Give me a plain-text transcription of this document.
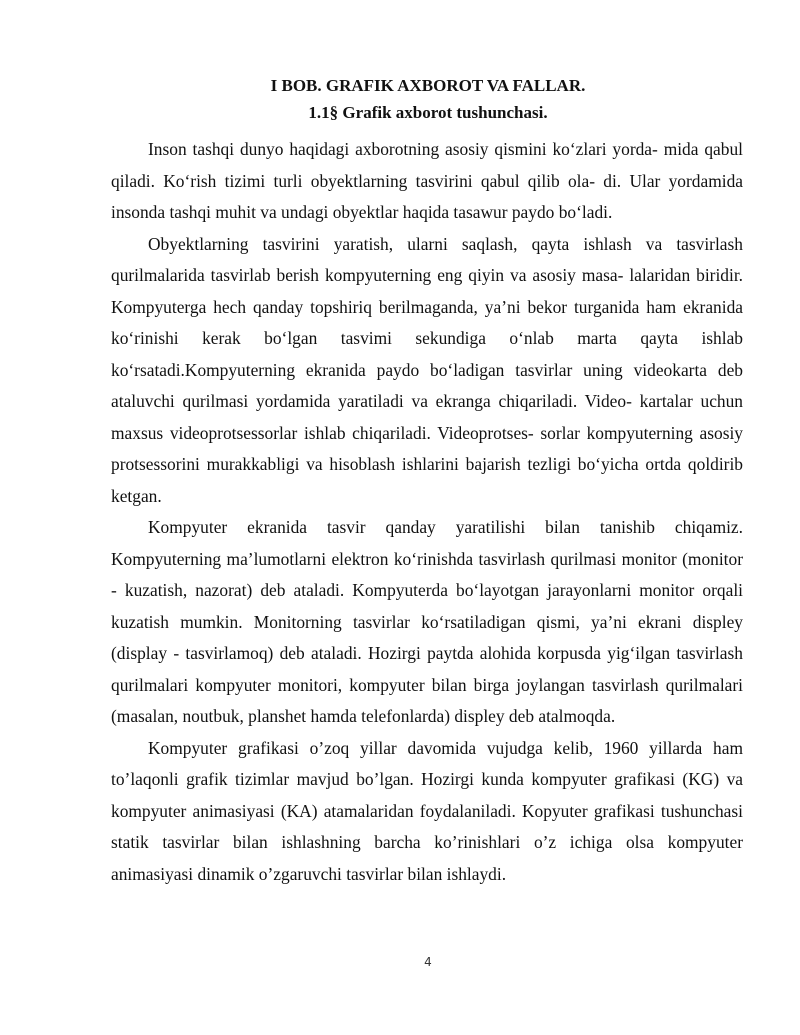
I BOB. GRAFIK AXBOROT VA FALLAR.
1.1§ Grafik axborot tushunchasi.

Inson tashqi dunyo haqidagi axborotning asosiy qismini ko‘zlari yorda- mida qabul qiladi. Ko‘rish tizimi turli obyektlarning tasvirini qabul qilib ola- di. Ular yordamida insonda tashqi muhit va undagi obyektlar haqida tasawur paydo bo‘ladi.

Obyektlarning tasvirini yaratish, ularni saqlash, qayta ishlash va tasvirlash qurilmalarida tasvirlab berish kompyuterning eng qiyin va asosiy masa- lalaridan biridir. Kompyuterga hech qanday topshiriq berilmaganda, ya’ni bekor turganida ham ekranida ko‘rinishi kerak bo‘lgan tasvimi sekundiga o‘nlab marta qayta ishlab ko‘rsatadi.Kompyuterning ekranida paydo bo‘ladigan tasvirlar uning videokarta deb ataluvchi qurilmasi yordamida yaratiladi va ekranga chiqariladi. Video- kartalar uchun maxsus videoprotsessorlar ishlab chiqariladi. Videoprotses- sorlar kompyuterning asosiy protsessorini murakkabligi va hisoblash ishlarini bajarish tezligi bo‘yicha ortda qoldirib ketgan.

Kompyuter ekranida tasvir qanday yaratilishi bilan tanishib chiqamiz. Kompyuterning ma’lumotlarni elektron ko‘rinishda tasvirlash qurilmasi monitor (monitor - kuzatish, nazorat) deb ataladi. Kompyuterda bo‘layotgan jarayonlarni monitor orqali kuzatish mumkin. Monitorning tasvirlar ko‘rsatiladigan qismi, ya’ni ekrani displey (display - tasvirlamoq) deb ataladi. Hozirgi paytda alohida korpusda yig‘ilgan tasvirlash qurilmalari kompyuter monitori, kompyuter bilan birga joylangan tasvirlash qurilmalari (masalan, noutbuk, planshet hamda telefonlarda) displey deb atalmoqda.

Kompyuter grafikasi o’zoq yillar davomida vujudga kelib, 1960 yillarda ham to’laqonli grafik tizimlar mavjud bo’lgan. Hozirgi kunda kompyuter grafikasi (KG) va kompyuter animasiyasi (KA) atamalaridan foydalaniladi. Kopyuter grafikasi tushunchasi statik tasvirlar bilan ishlashning barcha ko’rinishlari o’z ichiga olsa kompyuter animasiyasi dinamik o’zgaruvchi tasvirlar bilan ishlaydi.

4
